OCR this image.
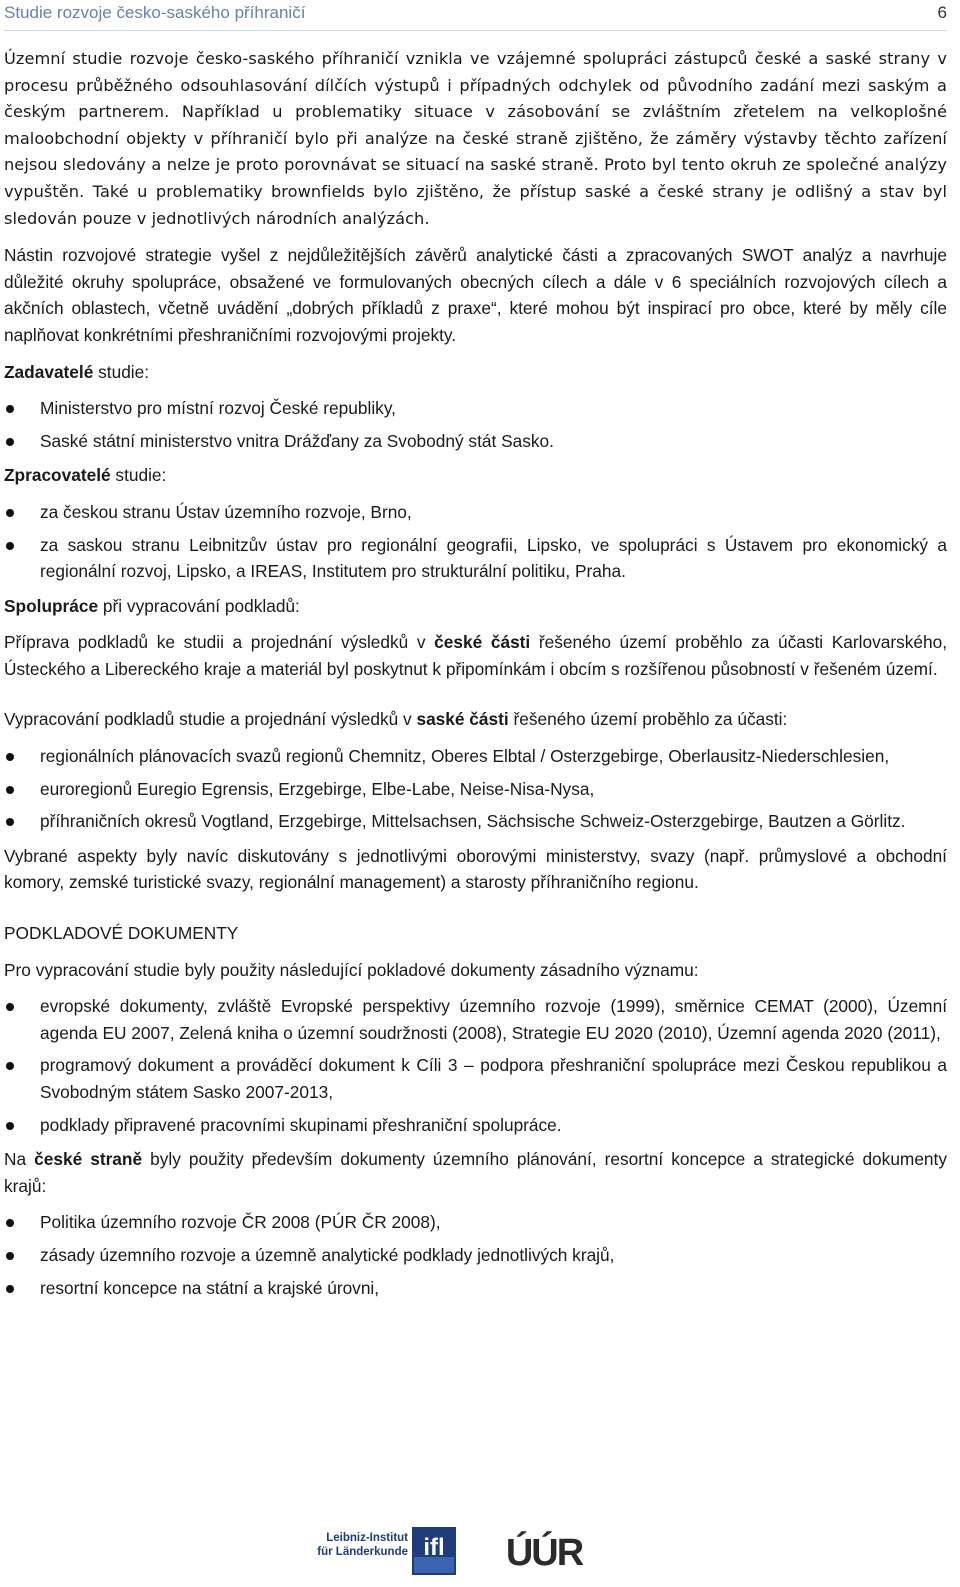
Studie rozvoje česko-saského příhraničí	6

Územní studie rozvoje česko-saského příhraničí vznikla ve vzájemné spolupráci zástupců české a saské strany v procesu průběžného odsouhlasování dílčích výstupů i případných odchylek od původního zadání mezi saským a českým partnerem. Například u problematiky situace v zásobování se zvláštním zřetelem na velkoplošné maloobchodní objekty v příhraničí bylo při analýze na české straně zjištěno, že záměry výstavby těchto zařízení nejsou sledovány a nelze je proto porovnávat se situací na saské straně. Proto byl tento okruh ze společné analýzy vypuštěn. Také u problematiky brownfields bylo zjištěno, že přístup saské a české strany je odlišný a stav byl sledován pouze v jednotlivých národních analýzách.

Nástin rozvojové strategie vyšel z nejdůležitějších závěrů analytické části a zpracovaných SWOT analýz a navrhuje důležité okruhy spolupráce, obsažené ve formulovaných obecných cílech a dále v 6 speciálních rozvojových cílech a akčních oblastech, včetně uvádění „dobrých příkladů z praxe“, které mohou být inspirací pro obce, které by měly cíle naplňovat konkrétními přeshraničními rozvojovými projekty.

Zadavatelé studie:

Ministerstvo pro místní rozvoj České republiky,
Saské státní ministerstvo vnitra Drážďany za Svobodný stát Sasko.

Zpracovatelé studie:

za českou stranu Ústav územního rozvoje, Brno,
za saskou stranu Leibnitzův ústav pro regionální geografii, Lipsko, ve spolupráci s Ústavem pro ekonomický a regionální rozvoj, Lipsko, a IREAS, Institutem pro strukturální politiku, Praha.

Spolupráce při vypracování podkladů:

Příprava podkladů ke studii a projednání výsledků v české části řešeného území proběhlo za účasti Karlovarského, Ústeckého a Libereckého kraje a materiál byl poskytnut k připomínkám i obcím s rozšířenou působností v řešeném území.

Vypracování podkladů studie a projednání výsledků v saské části řešeného území proběhlo za účasti:

regionálních plánovacích svazů regionů Chemnitz, Oberes Elbtal / Osterzgebirge, Oberlausitz-Niederschlesien,
euroregionů Euregio Egrensis, Erzgebirge, Elbe-Labe, Neise-Nisa-Nysa,
příhraničních okresů Vogtland, Erzgebirge, Mittelsachsen, Sächsische Schweiz-Osterzgebirge, Bautzen a Görlitz.

Vybrané aspekty byly navíc diskutovány s jednotlivými oborovými ministerstvy, svazy (např. průmyslové a obchodní komory, zemské turistické svazy, regionální management) a starosty příhraničního regionu.

PODKLADOVÉ DOKUMENTY

Pro vypracování studie byly použity následující pokladové dokumenty zásadního významu:

evropské dokumenty, zvláště Evropské perspektivy územního rozvoje (1999), směrnice CEMAT (2000), Územní agenda EU 2007, Zelená kniha o územní soudržnosti (2008), Strategie EU 2020 (2010), Územní agenda 2020 (2011),
programový dokument a prováděcí dokument k Cíli 3 – podpora přeshraniční spolupráce mezi Českou republikou a Svobodným státem Sasko 2007-2013,
podklady připravené pracovními skupinami přeshraniční spolupráce.

Na české straně byly použity především dokumenty územního plánování, resortní koncepce a strategické dokumenty krajů:

Politika územního rozvoje ČR 2008 (PÚR ČR 2008),
zásady územního rozvoje a územně analytické podklady jednotlivých krajů,
resortní koncepce na státní a krajské úrovni,
Leibniz-Institut
für Länderkunde ifl ÚÚR
